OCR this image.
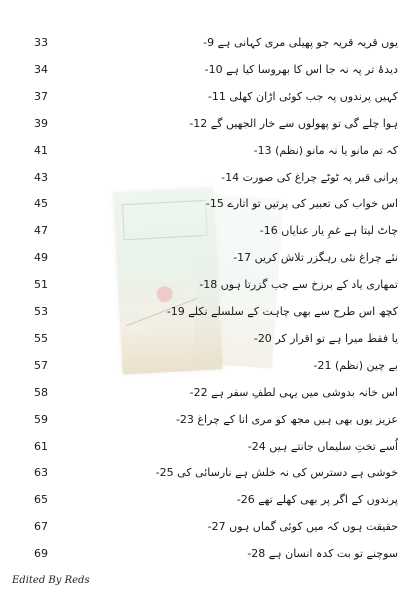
33	یوں قریہ قریہ جو پھیلی مری کہانی ہے 9-
34	دیدۂ تر پہ نہ جا اس کا بھروسا کیا ہے 10-
37	کہیں پرندوں پہ جب کوئی اڑان کھلی 11-
39	ہوا چلے گی تو پھولوں سے خار الجھیں گے 12-
41	کہ تم مانو یا نہ مانو (نظم) 13-
43	پرانی قبر پہ ٹوٹے چراغ کی صورت 14-
45	اس خواب کی تعبیر کی پرتیں تو اتارے 15-
47	چاٹ لیتا ہے غمِ یار عنایاں 16-
49	نئے چراغ نئی رہگزر تلاش کریں 17-
51	تمھاری یاد کے برزخ سے جب گزرتا ہوں 18-
53	کچھ اس طرح سے بھی چاہت کے سلسلے نکلے 19-
55	یا فقط میرا ہے تو اقرار کر 20-
57	بے چین (نظم) 21-
58	اس خانہ بدوشی میں یہی لطفِ سفر ہے 22-
59	عزیز یوں بھی ہیں مجھ کو مری انا کے چراغ 23-
61	اُسے تختِ سلیماں جانتے ہیں 24-
63	خوشی ہے دسترس کی نہ خلش ہے نارسائی کی 25-
65	پرندوں کے اگر پر بھی کھلے تھے 26-
67	حقیقت ہوں کہ میں کوئی گماں ہوں 27-
69	سوچنے تو بت کدہ انسان ہے 28-
Edited By Reds
